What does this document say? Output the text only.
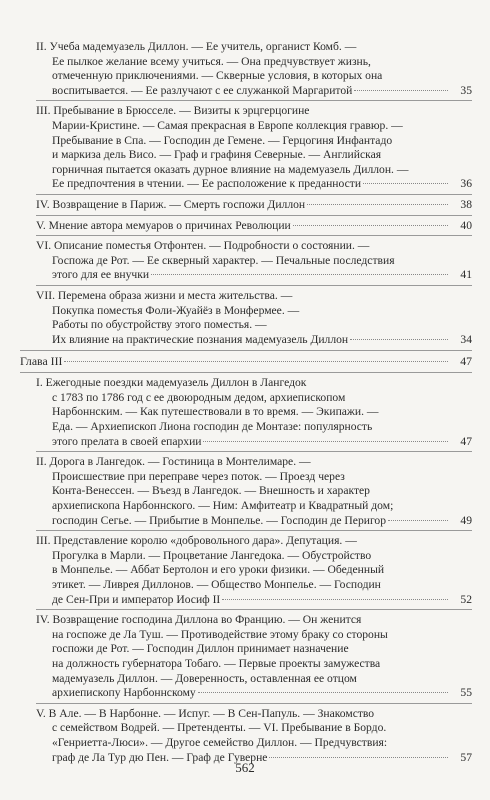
II. Учеба мадемуазель Диллон. — Ее учитель, органист Комб. —
Ее пылкое желание всему учиться. — Она предчувствует жизнь,
отмеченную приключениями. — Скверные условия, в которых она
воспитывается. — Ее разлучают с ее служанкой Маргаритой	35
III. Пребывание в Брюсселе. — Визиты к эрцгерцогине
Марии-Кристине. — Самая прекрасная в Европе коллекция гравюр. —
Пребывание в Спа. — Господин де Гемене. — Герцогиня Инфантадо
и маркиза дель Висо. — Граф и графиня Северные. — Английская
горничная пытается оказать дурное влияние на мадемуазель Диллон. —
Ее предпочтения в чтении. — Ее расположение к преданности	36
IV. Возвращение в Париж. — Смерть госпожи Диллон	38
V. Мнение автора мемуаров о причинах Революции	40
VI. Описание поместья Отфонтен. — Подробности о состоянии. —
Госпожа де Рот. — Ее скверный характер. — Печальные последствия
этого для ее внучки	41
VII. Перемена образа жизни и места жительства. —
Покупка поместья Фоли-Жуайёз в Монфермее. —
Работы по обустройству этого поместья. —
Их влияние на практические познания мадемуазель Диллон	34
Глава III	47
I. Ежегодные поездки мадемуазель Диллон в Лангедок
с 1783 по 1786 год с ее двоюродным дедом, архиепископом
Нарбоннским. — Как путешествовали в то время. — Экипажи. —
Еда. — Архиепископ Лиона господин де Монтазе: популярность
этого прелата в своей епархии	47
II. Дорога в Лангедок. — Гостиница в Монтелимаре. —
Происшествие при переправе через поток. — Проезд через
Конта-Венессен. — Въезд в Лангедок. — Внешность и характер
архиепископа Нарбоннского. — Ним: Амфитеатр и Квадратный дом;
господин Сегье. — Прибытие в Монпелье. — Господин де Перигор	49
III. Представление королю «добровольного дара». Депутация. —
Прогулка в Марли. — Процветание Лангедока. — Обустройство
в Монпелье. — Аббат Бертолон и его уроки физики. — Обеденный
этикет. — Ливрея Диллонов. — Общество Монпелье. — Господин
де Сен-При и император Иосиф II	52
IV. Возвращение господина Диллона во Францию. — Он женится
на госпоже де Ла Туш. — Противодействие этому браку со стороны
госпожи де Рот. — Господин Диллон принимает назначение
на должность губернатора Тобаго. — Первые проекты замужества
мадемуазель Диллон. — Доверенность, оставленная ее отцом
архиепископу Нарбоннскому	55
V. В Але. — В Нарбонне. — Испуг. — В Сен-Папуль. — Знакомство
с семейством Водрей. — Претенденты. — VI. Пребывание в Бордо.
«Генриетта-Люси». — Другое семейство Диллон. — Предчувствия:
граф де Ла Тур дю Пен. — Граф де Гуверне	57
562
